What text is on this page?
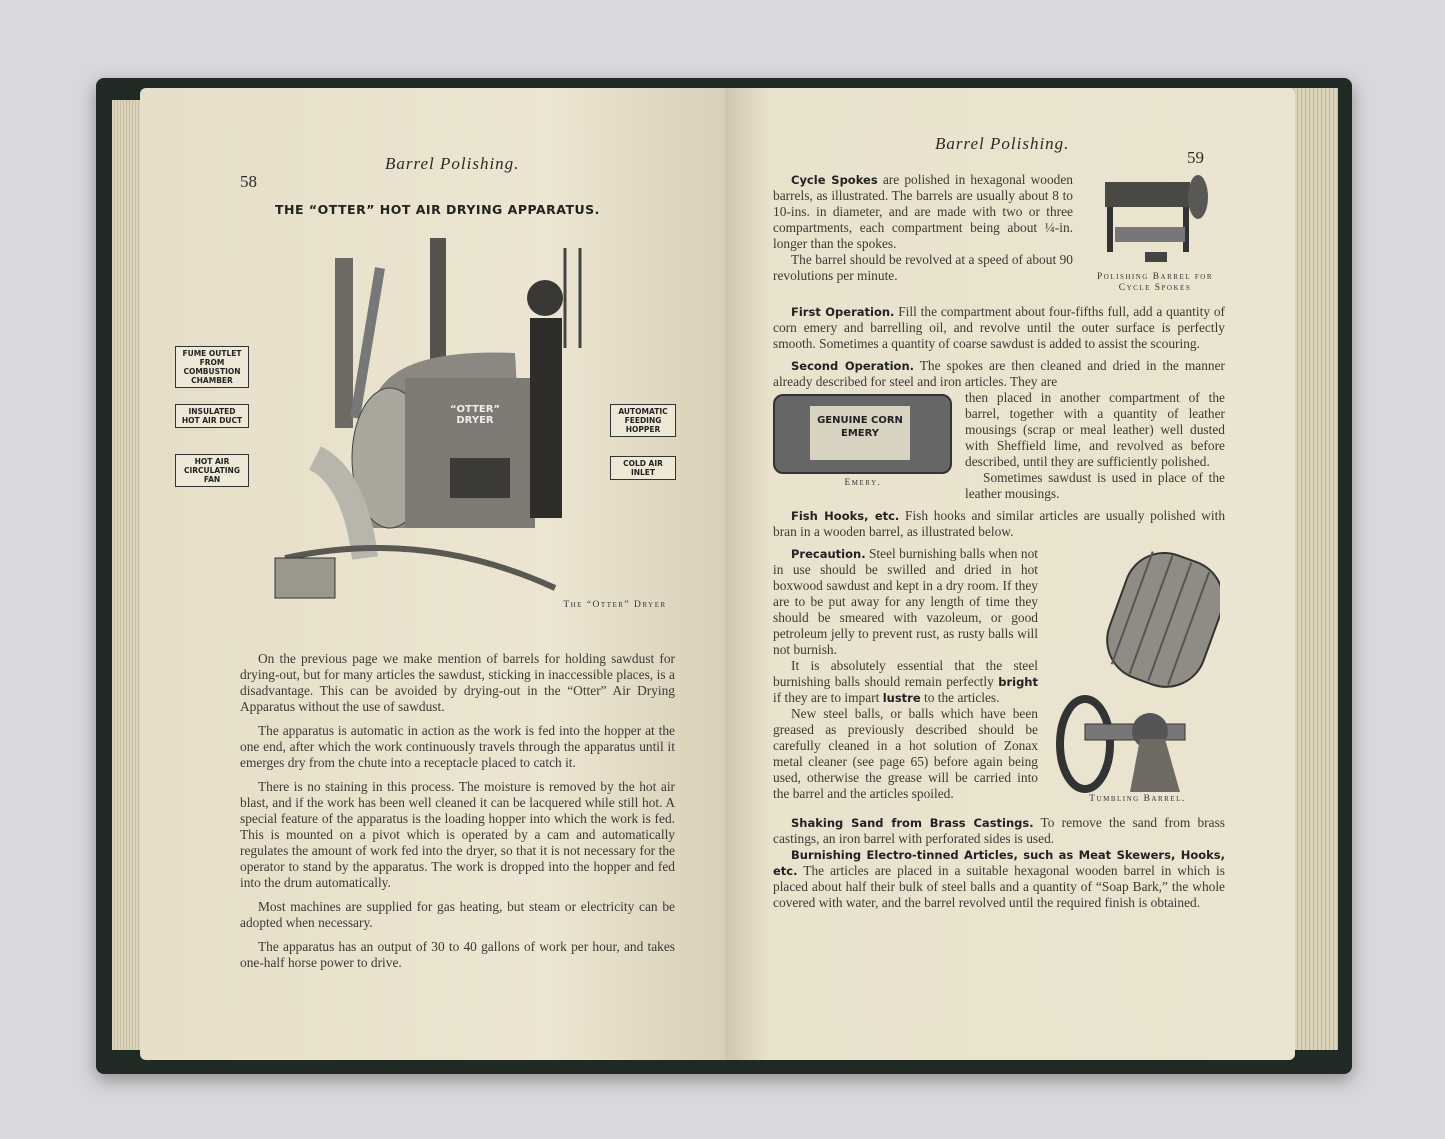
58
Barrel Polishing.
THE “OTTER” HOT AIR DRYING APPARATUS.
“OTTER” DRYER
FUME OUTLET FROM COMBUSTION CHAMBER
INSULATED HOT AIR DUCT
HOT AIR CIRCULATING FAN
AUTOMATIC FEEDING HOPPER
COLD AIR INLET
The “Otter” Dryer

On the previous page we make mention of barrels for holding sawdust for drying-out, but for many articles the sawdust, sticking in inaccessible places, is a disadvantage. This can be avoided by drying-out in the “Otter” Air Drying Apparatus without the use of sawdust.

The apparatus is automatic in action as the work is fed into the hopper at the one end, after which the work continuously travels through the apparatus until it emerges dry from the chute into a receptacle placed to catch it.

There is no staining in this process. The moisture is removed by the hot air blast, and if the work has been well cleaned it can be lacquered while still hot. A special feature of the apparatus is the loading hopper into which the work is fed. This is mounted on a pivot which is operated by a cam and automatically regulates the amount of work fed into the dryer, so that it is not necessary for the operator to stand by the apparatus. The work is dropped into the hopper and fed into the drum automatically.

Most machines are supplied for gas heating, but steam or electricity can be adopted when necessary.

The apparatus has an output of 30 to 40 gallons of work per hour, and takes one-half horse power to drive.

Barrel Polishing.
59
Polishing Barrel for Cycle Spokes

Cycle Spokes are polished in hexagonal wooden barrels, as illustrated. The barrels are usually about 8 to 10-ins. in diameter, and are made with two or three compartments, each compartment being about ¼-in. longer than the spokes.

The barrel should be revolved at a speed of about 90 revolutions per minute.

First Operation. Fill the compartment about four-fifths full, add a quantity of corn emery and barrelling oil, and revolve until the outer surface is perfectly smooth. Sometimes a quantity of coarse sawdust is added to assist the scouring.

Second Operation. The spokes are then cleaned and dried in the manner already described for steel and iron articles. They are

GENUINE CORN EMERY
Emery.

then placed in another compartment of the barrel, together with a quantity of leather mousings (scrap or meal leather) well dusted with Sheffield lime, and revolved as before described, until they are sufficiently polished.

Sometimes sawdust is used in place of the leather mousings.

Fish Hooks, etc. Fish hooks and similar articles are usually polished with bran in a wooden barrel, as illustrated below.

Tumbling Barrel.

Precaution. Steel burnishing balls when not in use should be swilled and dried in hot boxwood sawdust and kept in a dry room. If they are to be put away for any length of time they should be smeared with vazoleum, or good petroleum jelly to prevent rust, as rusty balls will not burnish.

It is absolutely essential that the steel burnishing balls should remain perfectly bright if they are to impart lustre to the articles.

New steel balls, or balls which have been greased as previously described should be carefully cleaned in a hot solution of Zonax metal cleaner (see page 65) before again being used, otherwise the grease will be carried into the barrel and the articles spoiled.

Shaking Sand from Brass Castings. To remove the sand from brass castings, an iron barrel with perforated sides is used.

Burnishing Electro-tinned Articles, such as Meat Skewers, Hooks, etc. The articles are placed in a suitable hexagonal wooden barrel in which is placed about half their bulk of steel balls and a quantity of “Soap Bark,” the whole covered with water, and the barrel revolved until the required finish is obtained.
